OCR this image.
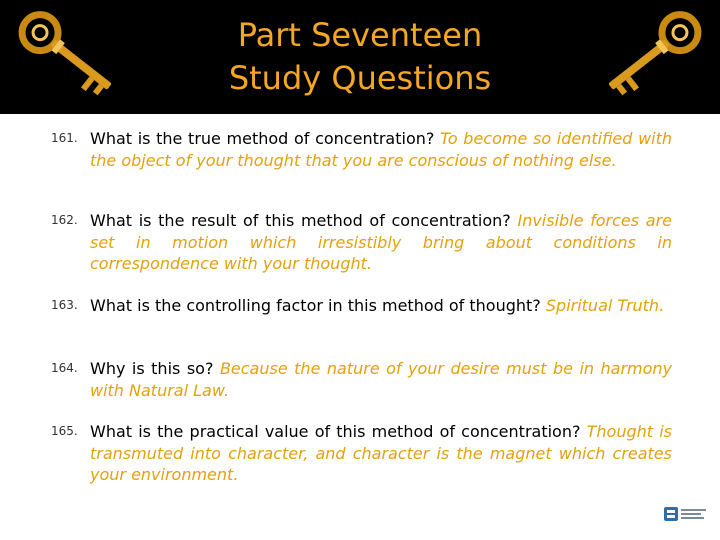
Part Seventeen
Study Questions
161. What is the true method of concentration? To become so identified with the object of your thought that you are conscious of nothing else.
162. What is the result of this method of concentration? Invisible forces are set in motion which irresistibly bring about conditions in correspondence with your thought.
163. What is the controlling factor in this method of thought? Spiritual Truth.
164. Why is this so? Because the nature of your desire must be in harmony with Natural Law.
165. What is the practical value of this method of concentration? Thought is transmuted into character, and character is the magnet which creates your environment.
